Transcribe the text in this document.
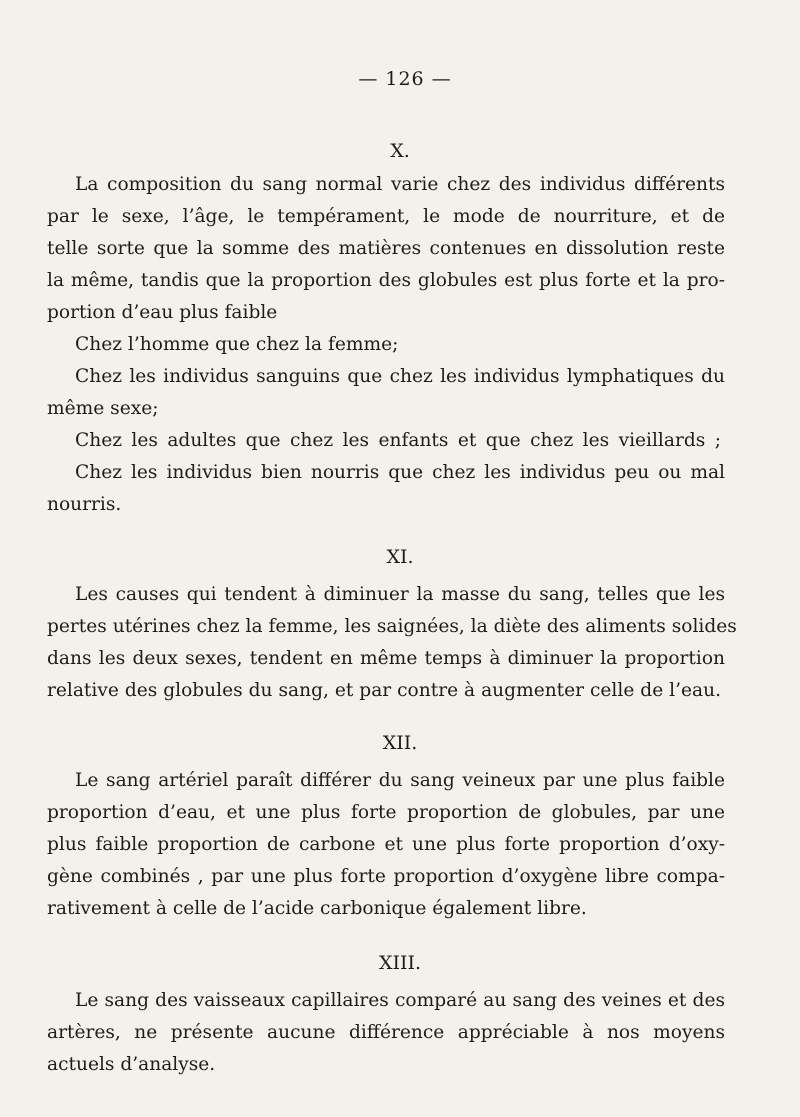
— 126 —
X.
La composition du sang normal varie chez des individus différents
par le sexe, l’âge, le tempérament, le mode de nourriture, et de
telle sorte que la somme des matières contenues en dissolution reste
la même, tandis que la proportion des globules est plus forte et la pro-
portion d’eau plus faible
Chez l’homme que chez la femme;
Chez les individus sanguins que chez les individus lymphatiques du
même sexe;
Chez les adultes que chez les enfants et que chez les vieillards ;
Chez les individus bien nourris que chez les individus peu ou mal
nourris.
XI.
Les causes qui tendent à diminuer la masse du sang, telles que les
pertes utérines chez la femme, les saignées, la diète des aliments solides
dans les deux sexes, tendent en même temps à diminuer la proportion
relative des globules du sang, et par contre à augmenter celle de l’eau.
XII.
Le sang artériel paraît différer du sang veineux par une plus faible
proportion d’eau, et une plus forte proportion de globules, par une
plus faible proportion de carbone et une plus forte proportion d’oxy-
gène combinés , par une plus forte proportion d’oxygène libre compa-
rativement à celle de l’acide carbonique également libre.
XIII.
Le sang des vaisseaux capillaires comparé au sang des veines et des
artères, ne présente aucune différence appréciable à nos moyens
actuels d’analyse.
